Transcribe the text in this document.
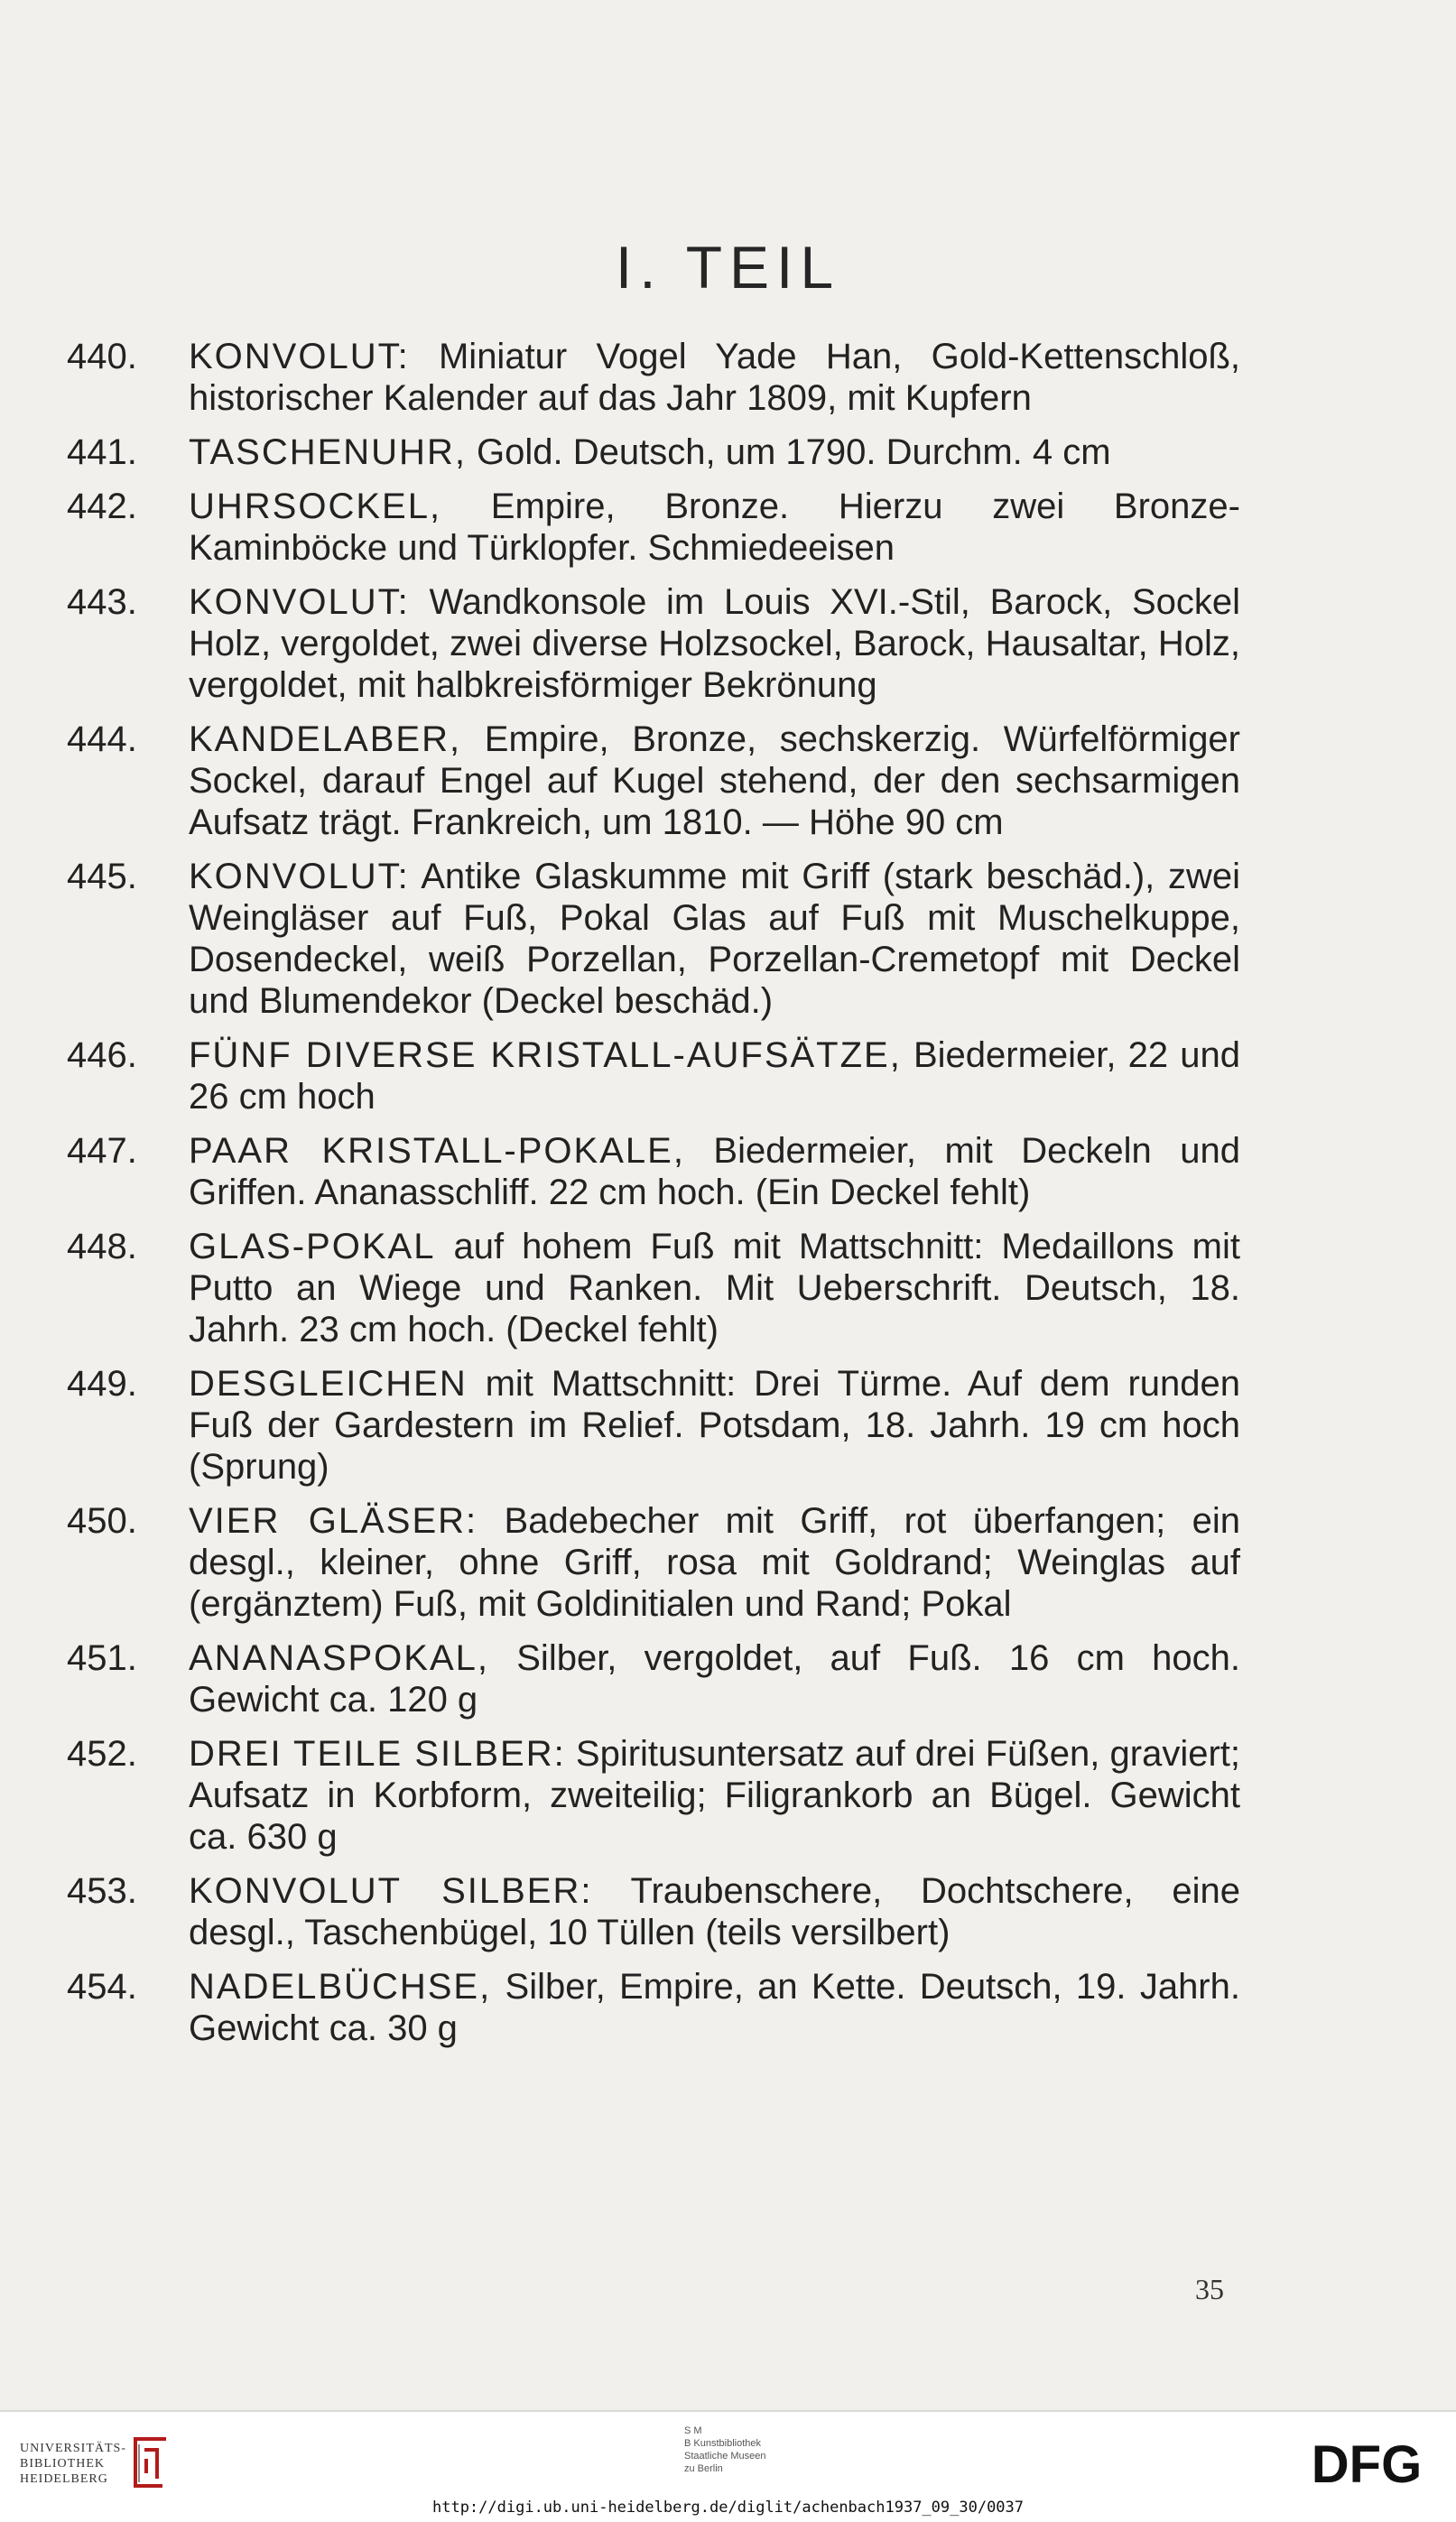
I. TEIL
440. KONVOLUT: Miniatur Vogel Yade Han, Gold-Kettenschloß, historischer Kalender auf das Jahr 1809, mit Kupfern
441. TASCHENUHR, Gold. Deutsch, um 1790. Durchm. 4 cm
442. UHRSOCKEL, Empire, Bronze. Hierzu zwei Bronze-Kaminböcke und Türklopfer. Schmiedeeisen
443. KONVOLUT: Wandkonsole im Louis XVI.-Stil, Barock, Sockel Holz, vergoldet, zwei diverse Holzsockel, Barock, Hausaltar, Holz, vergoldet, mit halbkreisförmiger Bekrönung
444. KANDELABER, Empire, Bronze, sechskerzig. Würfelförmiger Sockel, darauf Engel auf Kugel stehend, der den sechsarmigen Aufsatz trägt. Frankreich, um 1810. — Höhe 90 cm
445. KONVOLUT: Antike Glaskumme mit Griff (stark beschäd.), zwei Weingläser auf Fuß, Pokal Glas auf Fuß mit Muschelkuppe, Dosendeckel, weiß Porzellan, Porzellan-Cremetopf mit Deckel und Blumendekor (Deckel beschäd.)
446. FÜNF DIVERSE KRISTALL-AUFSÄTZE, Biedermeier, 22 und 26 cm hoch
447. PAAR KRISTALL-POKALE, Biedermeier, mit Deckeln und Griffen. Ananasschliff. 22 cm hoch. (Ein Deckel fehlt)
448. GLAS-POKAL auf hohem Fuß mit Mattschnitt: Medaillons mit Putto an Wiege und Ranken. Mit Ueberschrift. Deutsch, 18. Jahrh. 23 cm hoch. (Deckel fehlt)
449. DESGLEICHEN mit Mattschnitt: Drei Türme. Auf dem runden Fuß der Gardestern im Relief. Potsdam, 18. Jahrh. 19 cm hoch (Sprung)
450. VIER GLÄSER: Badebecher mit Griff, rot überfangen; ein desgl., kleiner, ohne Griff, rosa mit Goldrand; Weinglas auf (ergänztem) Fuß, mit Goldinitialen und Rand; Pokal
451. ANANASPOKAL, Silber, vergoldet, auf Fuß. 16 cm hoch. Gewicht ca. 120 g
452. DREI TEILE SILBER: Spiritusuntersatz auf drei Füßen, graviert; Aufsatz in Korbform, zweiteilig; Filigrankorb an Bügel. Gewicht ca. 630 g
453. KONVOLUT SILBER: Traubenschere, Dochtschere, eine desgl., Taschenbügel, 10 Tüllen (teils versilbert)
454. NADELBÜCHSE, Silber, Empire, an Kette. Deutsch, 19. Jahrh. Gewicht ca. 30 g
35
UNIVERSITÄTS-
BIBLIOTHEK
HEIDELBERG
S M
B Kunstbibliothek
Staatliche Museen
zu Berlin	DFG
http://digi.ub.uni-heidelberg.de/diglit/achenbach1937_09_30/0037
